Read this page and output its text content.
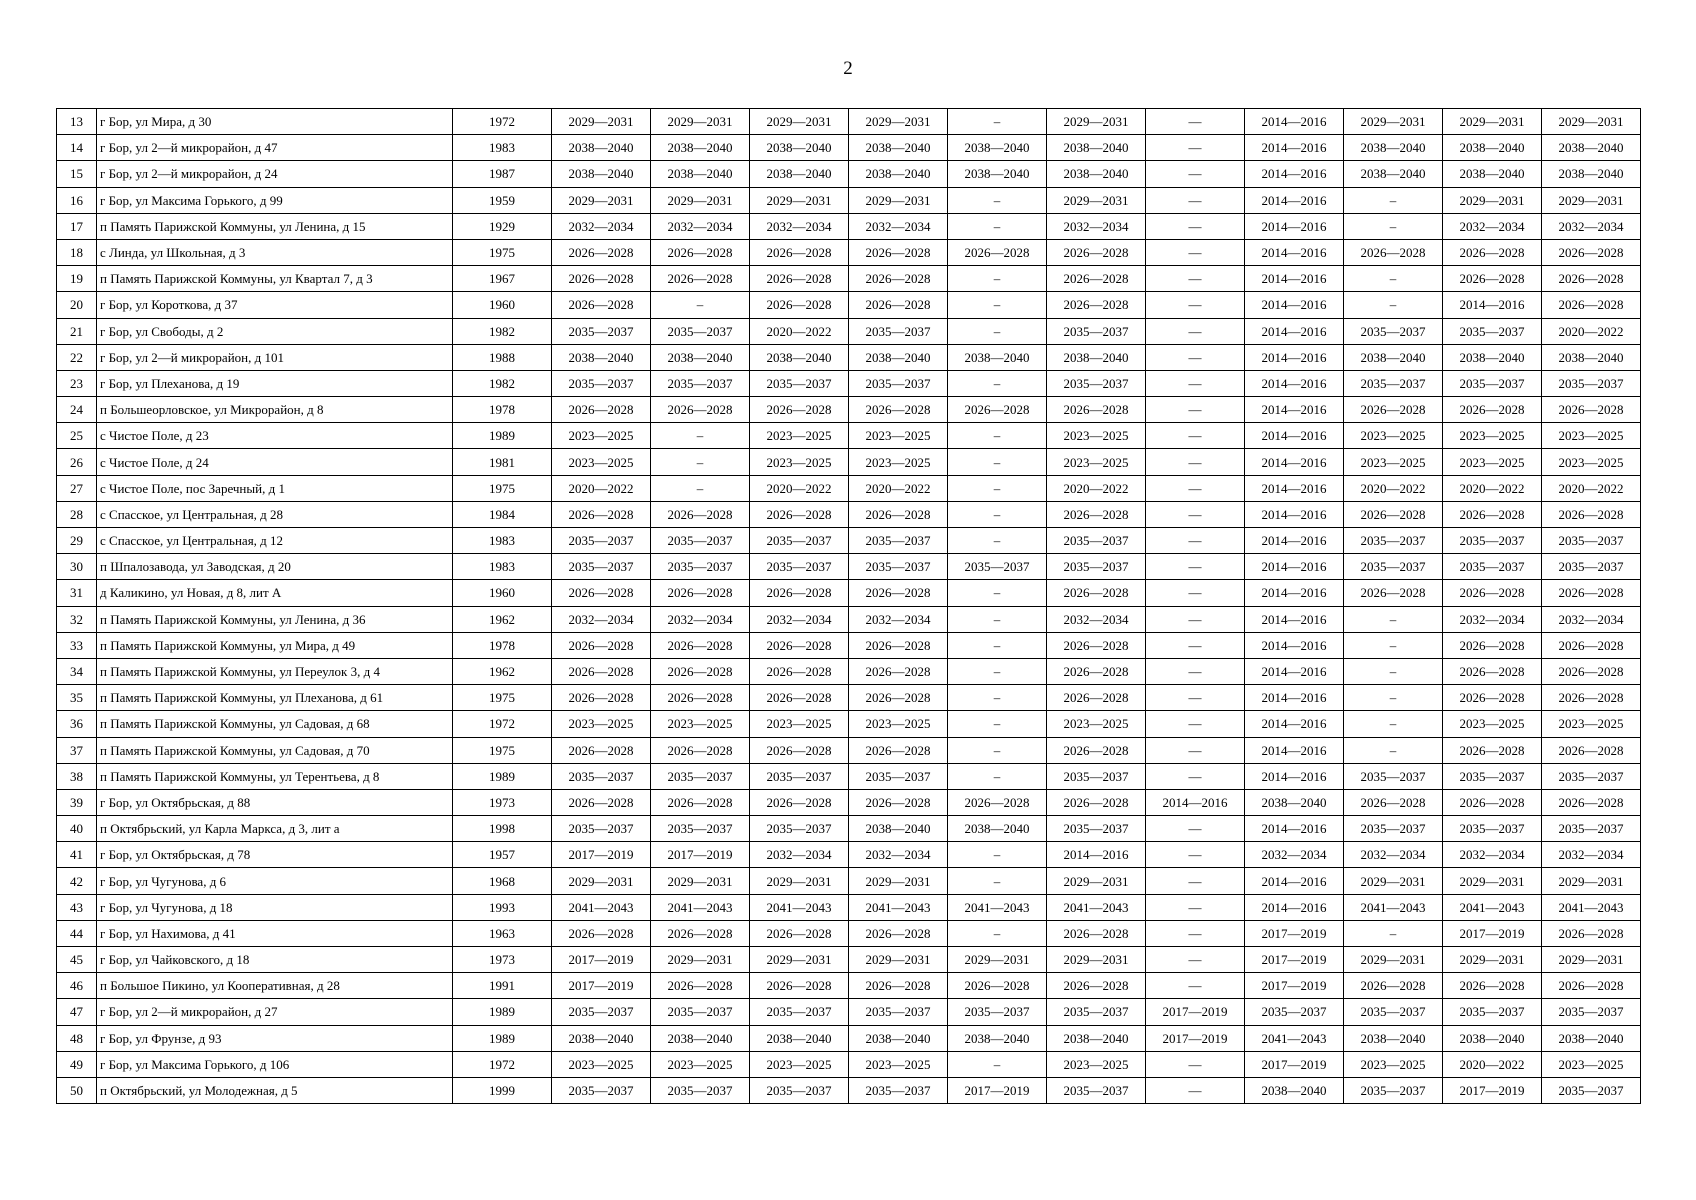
2
13	г Бор, ул Мира, д 30	1972	2029—2031	2029—2031	2029—2031	2029—2031	–	2029—2031	—	2014—2016	2029—2031	2029—2031	2029—2031
14	г Бор, ул 2—й микрорайон, д 47	1983	2038—2040	2038—2040	2038—2040	2038—2040	2038—2040	2038—2040	—	2014—2016	2038—2040	2038—2040	2038—2040
15	г Бор, ул 2—й микрорайон, д 24	1987	2038—2040	2038—2040	2038—2040	2038—2040	2038—2040	2038—2040	—	2014—2016	2038—2040	2038—2040	2038—2040
16	г Бор, ул Максима Горького, д 99	1959	2029—2031	2029—2031	2029—2031	2029—2031	–	2029—2031	—	2014—2016	–	2029—2031	2029—2031
17	п Память Парижской Коммуны, ул Ленина, д 15	1929	2032—2034	2032—2034	2032—2034	2032—2034	–	2032—2034	—	2014—2016	–	2032—2034	2032—2034
18	с Линда, ул Школьная, д 3	1975	2026—2028	2026—2028	2026—2028	2026—2028	2026—2028	2026—2028	—	2014—2016	2026—2028	2026—2028	2026—2028
19	п Память Парижской Коммуны, ул Квартал 7, д 3	1967	2026—2028	2026—2028	2026—2028	2026—2028	–	2026—2028	—	2014—2016	–	2026—2028	2026—2028
20	г Бор, ул Короткова, д 37	1960	2026—2028	–	2026—2028	2026—2028	–	2026—2028	—	2014—2016	–	2014—2016	2026—2028
21	г Бор, ул Свободы, д 2	1982	2035—2037	2035—2037	2020—2022	2035—2037	–	2035—2037	—	2014—2016	2035—2037	2035—2037	2020—2022
22	г Бор, ул 2—й микрорайон, д 101	1988	2038—2040	2038—2040	2038—2040	2038—2040	2038—2040	2038—2040	—	2014—2016	2038—2040	2038—2040	2038—2040
23	г Бор, ул Плеханова, д 19	1982	2035—2037	2035—2037	2035—2037	2035—2037	–	2035—2037	—	2014—2016	2035—2037	2035—2037	2035—2037
24	п Большеорловское, ул Микрорайон, д 8	1978	2026—2028	2026—2028	2026—2028	2026—2028	2026—2028	2026—2028	—	2014—2016	2026—2028	2026—2028	2026—2028
25	с Чистое Поле, д 23	1989	2023—2025	–	2023—2025	2023—2025	–	2023—2025	—	2014—2016	2023—2025	2023—2025	2023—2025
26	с Чистое Поле, д 24	1981	2023—2025	–	2023—2025	2023—2025	–	2023—2025	—	2014—2016	2023—2025	2023—2025	2023—2025
27	с Чистое Поле, пос Заречный, д 1	1975	2020—2022	–	2020—2022	2020—2022	–	2020—2022	—	2014—2016	2020—2022	2020—2022	2020—2022
28	с Спасское, ул Центральная, д 28	1984	2026—2028	2026—2028	2026—2028	2026—2028	–	2026—2028	—	2014—2016	2026—2028	2026—2028	2026—2028
29	с Спасское, ул Центральная, д 12	1983	2035—2037	2035—2037	2035—2037	2035—2037	–	2035—2037	—	2014—2016	2035—2037	2035—2037	2035—2037
30	п Шпалозавода, ул Заводская, д 20	1983	2035—2037	2035—2037	2035—2037	2035—2037	2035—2037	2035—2037	—	2014—2016	2035—2037	2035—2037	2035—2037
31	д Каликино, ул Новая, д 8, лит А	1960	2026—2028	2026—2028	2026—2028	2026—2028	–	2026—2028	—	2014—2016	2026—2028	2026—2028	2026—2028
32	п Память Парижской Коммуны, ул Ленина, д 36	1962	2032—2034	2032—2034	2032—2034	2032—2034	–	2032—2034	—	2014—2016	–	2032—2034	2032—2034
33	п Память Парижской Коммуны, ул Мира, д 49	1978	2026—2028	2026—2028	2026—2028	2026—2028	–	2026—2028	—	2014—2016	–	2026—2028	2026—2028
34	п Память Парижской Коммуны, ул Переулок 3, д 4	1962	2026—2028	2026—2028	2026—2028	2026—2028	–	2026—2028	—	2014—2016	–	2026—2028	2026—2028
35	п Память Парижской Коммуны, ул Плеханова, д 61	1975	2026—2028	2026—2028	2026—2028	2026—2028	–	2026—2028	—	2014—2016	–	2026—2028	2026—2028
36	п Память Парижской Коммуны, ул Садовая, д 68	1972	2023—2025	2023—2025	2023—2025	2023—2025	–	2023—2025	—	2014—2016	–	2023—2025	2023—2025
37	п Память Парижской Коммуны, ул Садовая, д 70	1975	2026—2028	2026—2028	2026—2028	2026—2028	–	2026—2028	—	2014—2016	–	2026—2028	2026—2028
38	п Память Парижской Коммуны, ул Терентьева, д 8	1989	2035—2037	2035—2037	2035—2037	2035—2037	–	2035—2037	—	2014—2016	2035—2037	2035—2037	2035—2037
39	г Бор, ул Октябрьская, д 88	1973	2026—2028	2026—2028	2026—2028	2026—2028	2026—2028	2026—2028	2014—2016	2038—2040	2026—2028	2026—2028	2026—2028
40	п Октябрьский, ул Карла Маркса, д 3, лит а	1998	2035—2037	2035—2037	2035—2037	2038—2040	2038—2040	2035—2037	—	2014—2016	2035—2037	2035—2037	2035—2037
41	г Бор, ул Октябрьская, д 78	1957	2017—2019	2017—2019	2032—2034	2032—2034	–	2014—2016	—	2032—2034	2032—2034	2032—2034	2032—2034
42	г Бор, ул Чугунова, д 6	1968	2029—2031	2029—2031	2029—2031	2029—2031	–	2029—2031	—	2014—2016	2029—2031	2029—2031	2029—2031
43	г Бор, ул Чугунова, д 18	1993	2041—2043	2041—2043	2041—2043	2041—2043	2041—2043	2041—2043	—	2014—2016	2041—2043	2041—2043	2041—2043
44	г Бор, ул Нахимова, д 41	1963	2026—2028	2026—2028	2026—2028	2026—2028	–	2026—2028	—	2017—2019	–	2017—2019	2026—2028
45	г Бор, ул Чайковского, д 18	1973	2017—2019	2029—2031	2029—2031	2029—2031	2029—2031	2029—2031	—	2017—2019	2029—2031	2029—2031	2029—2031
46	п Большое Пикино, ул Кооперативная, д 28	1991	2017—2019	2026—2028	2026—2028	2026—2028	2026—2028	2026—2028	—	2017—2019	2026—2028	2026—2028	2026—2028
47	г Бор, ул 2—й микрорайон, д 27	1989	2035—2037	2035—2037	2035—2037	2035—2037	2035—2037	2035—2037	2017—2019	2035—2037	2035—2037	2035—2037	2035—2037
48	г Бор, ул Фрунзе, д 93	1989	2038—2040	2038—2040	2038—2040	2038—2040	2038—2040	2038—2040	2017—2019	2041—2043	2038—2040	2038—2040	2038—2040
49	г Бор, ул Максима Горького, д 106	1972	2023—2025	2023—2025	2023—2025	2023—2025	–	2023—2025	—	2017—2019	2023—2025	2020—2022	2023—2025
50	п Октябрьский, ул Молодежная, д 5	1999	2035—2037	2035—2037	2035—2037	2035—2037	2017—2019	2035—2037	—	2038—2040	2035—2037	2017—2019	2035—2037
